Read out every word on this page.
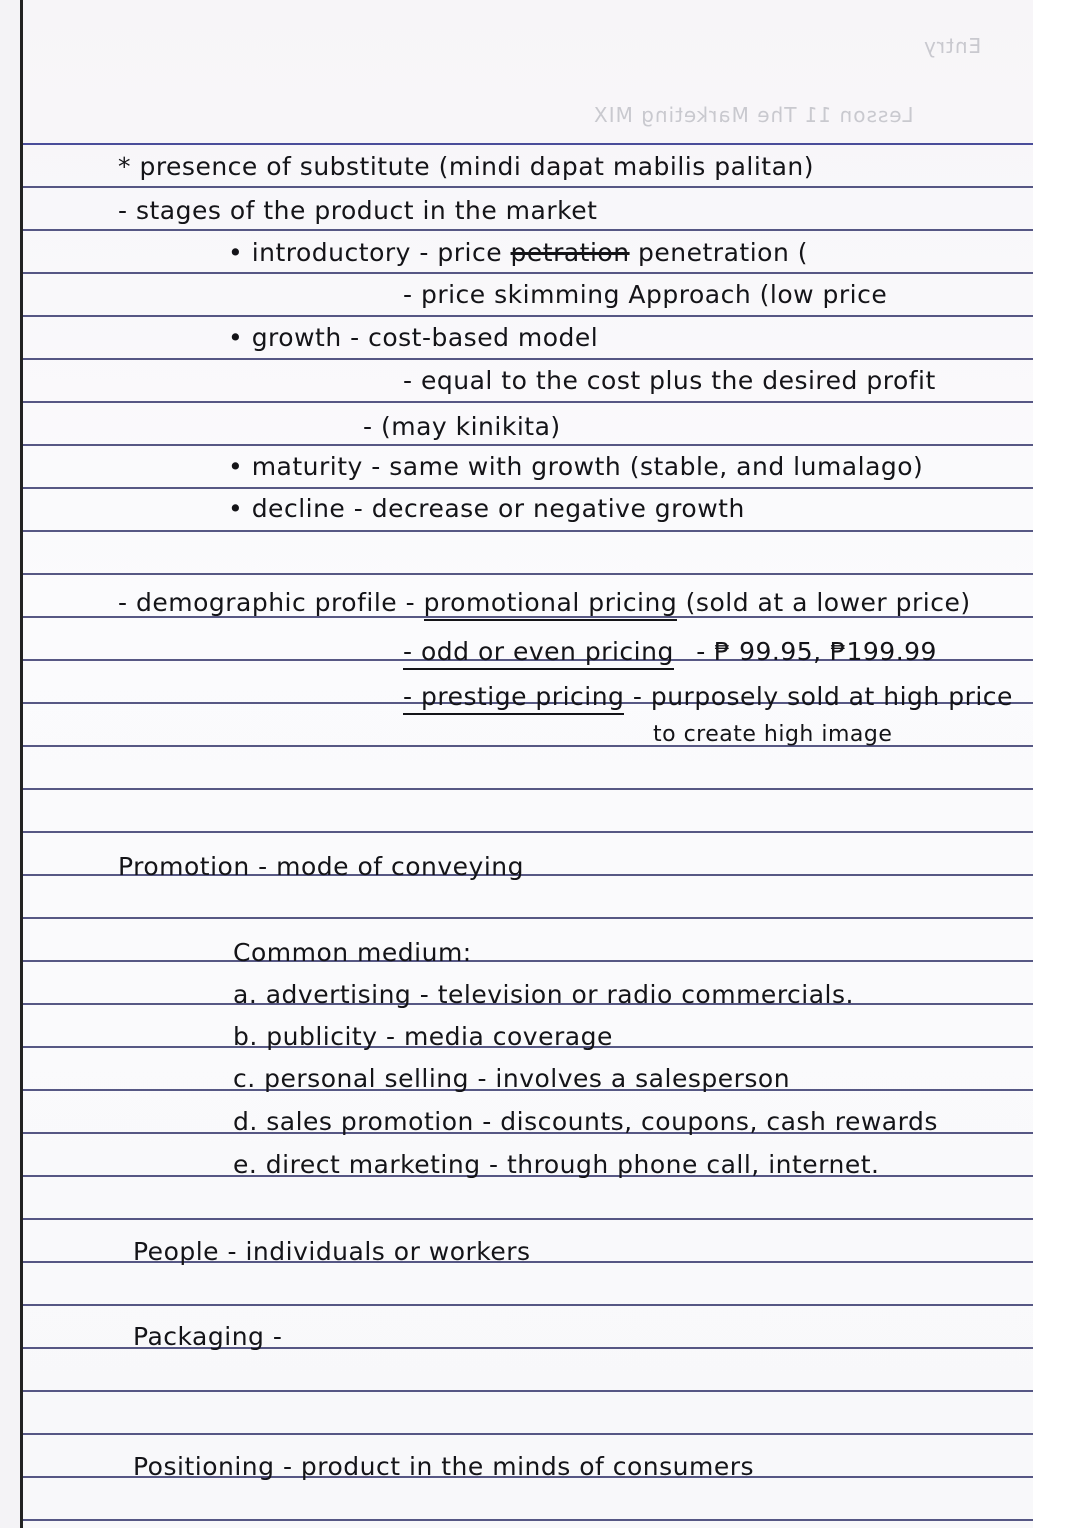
Lesson 11 The Marketing MIX
Entry
* presence of substitute (mindi dapat mabilis palitan)
- stages of the product in the market
• introductory - price petration penetration (
- price skimming Approach (low price
• growth - cost-based model
- equal to the cost plus the desired profit
- (may kinikita)
• maturity - same with growth (stable, and lumalago)
• decline - decrease or negative growth
- demographic profile - promotional pricing (sold at a lower price)
- odd or even pricing - ₱ 99.95, ₱199.99
- prestige pricing - purposely sold at high price
to create high image
Promotion - mode of conveying
Common medium:
a. advertising - television or radio commercials.
b. publicity - media coverage
c. personal selling - involves a salesperson
d. sales promotion - discounts, coupons, cash rewards
e. direct marketing - through phone call, internet.
People - individuals or workers
Packaging -
Positioning - product in the minds of consumers
